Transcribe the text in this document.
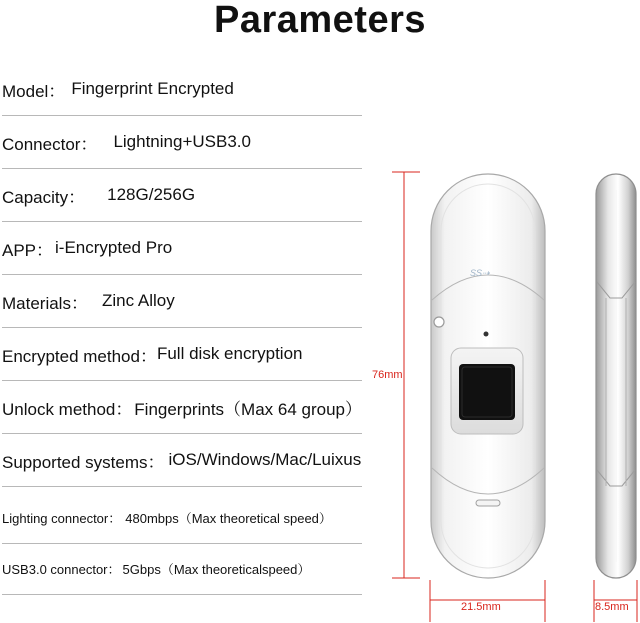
Parameters
Model： Fingerprint Encrypted
Connector： Lightning+USB3.0
Capacity： 128G/256G
APP： i-Encrypted Pro
Materials： Zinc Alloy
Encrypted method： Full disk encryption
Unlock method： Fingerprints（Max 64 group）
Supported systems： iOS/Windows/Mac/Luixus
Lighting connector： 480mbps（Max theoretical speed）
USB3.0 connector： 5Gbps（Max theoreticalspeed）
SS⇢
76mm
21.5mm	8.5mm
